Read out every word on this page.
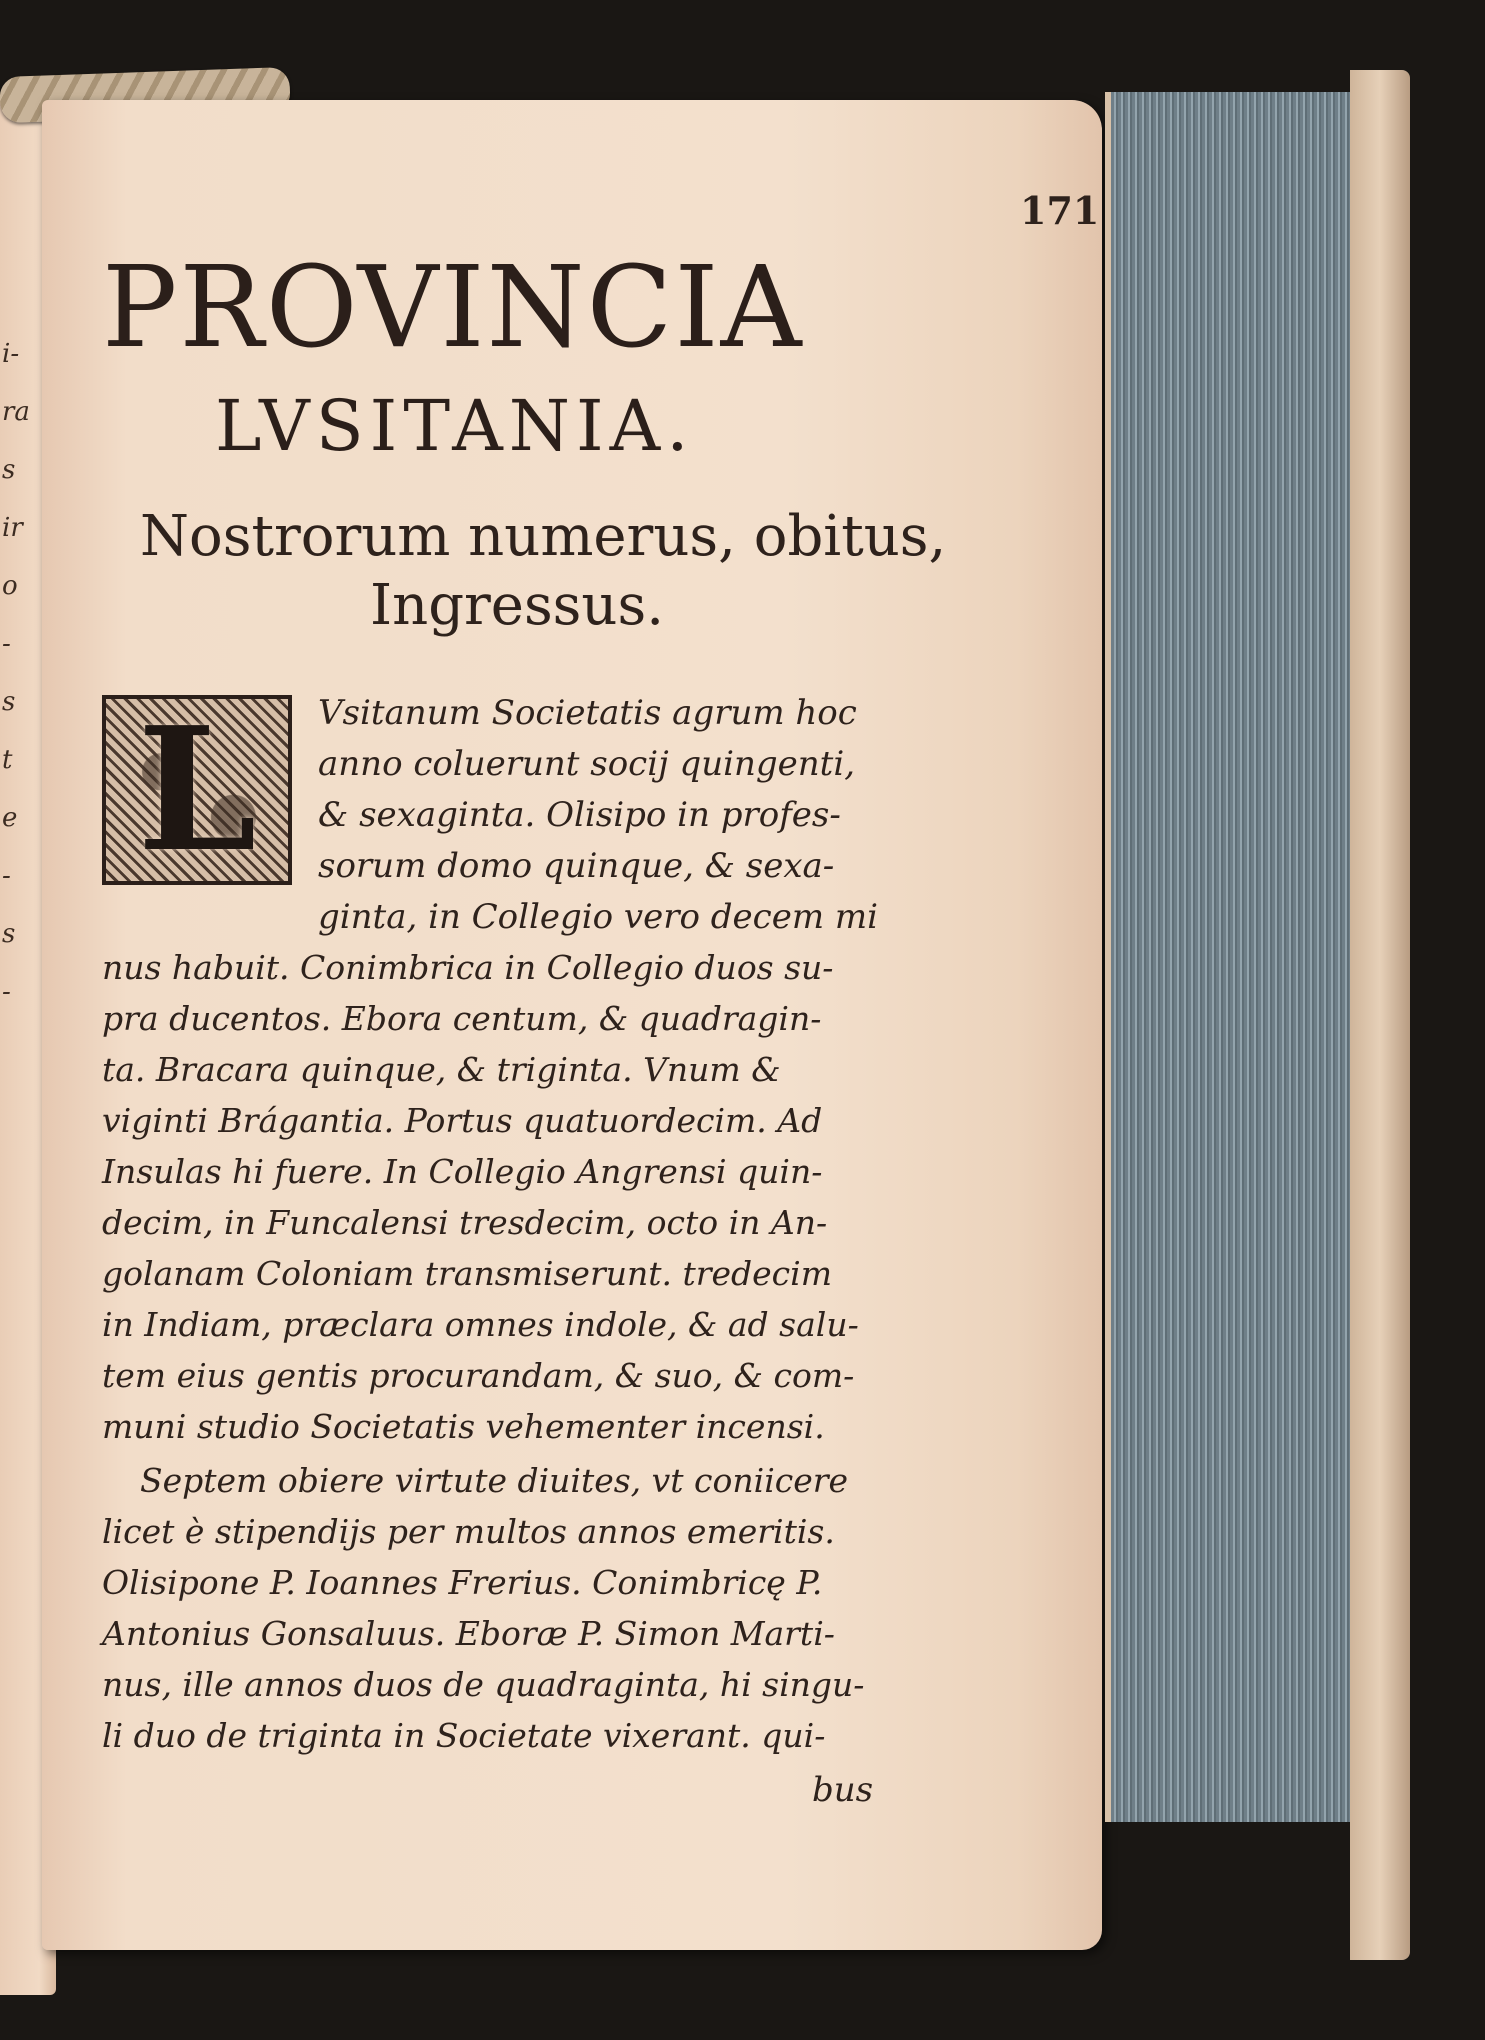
i-
ra
s
ir
o
-
s
t
e
-
s
-
171
PROVINCIA
LVSITANIA.
Nostrorum numerus, obitus,
Ingressus.
L Vsitanum Societatis agrum hoc
anno coluerunt socij quingenti,
& sexaginta. Olisipo in profes-
sorum domo quinque, & sexa-
ginta, in Collegio vero decem mi
nus habuit. Conimbrica in Collegio duos su-
pra ducentos. Ebora centum, & quadragin-
ta. Bracara quinque, & triginta. Vnum &
viginti Brágantia. Portus quatuordecim. Ad
Insulas hi fuere. In Collegio Angrensi quin-
decim, in Funcalensi tresdecim, octo in An-
golanam Coloniam transmiserunt. tredecim
in Indiam, præclara omnes indole, & ad salu-
tem eius gentis procurandam, & suo, & com-
muni studio Societatis vehementer incensi.
Septem obiere virtute diuites, vt coniicere
licet è stipendijs per multos annos emeritis.
Olisipone P. Ioannes Frerius. Conimbricę P.
Antonius Gonsaluus. Eboræ P. Simon Marti-
nus, ille annos duos de quadraginta, hi singu-
li duo de triginta in Societate vixerant. qui-
bus
